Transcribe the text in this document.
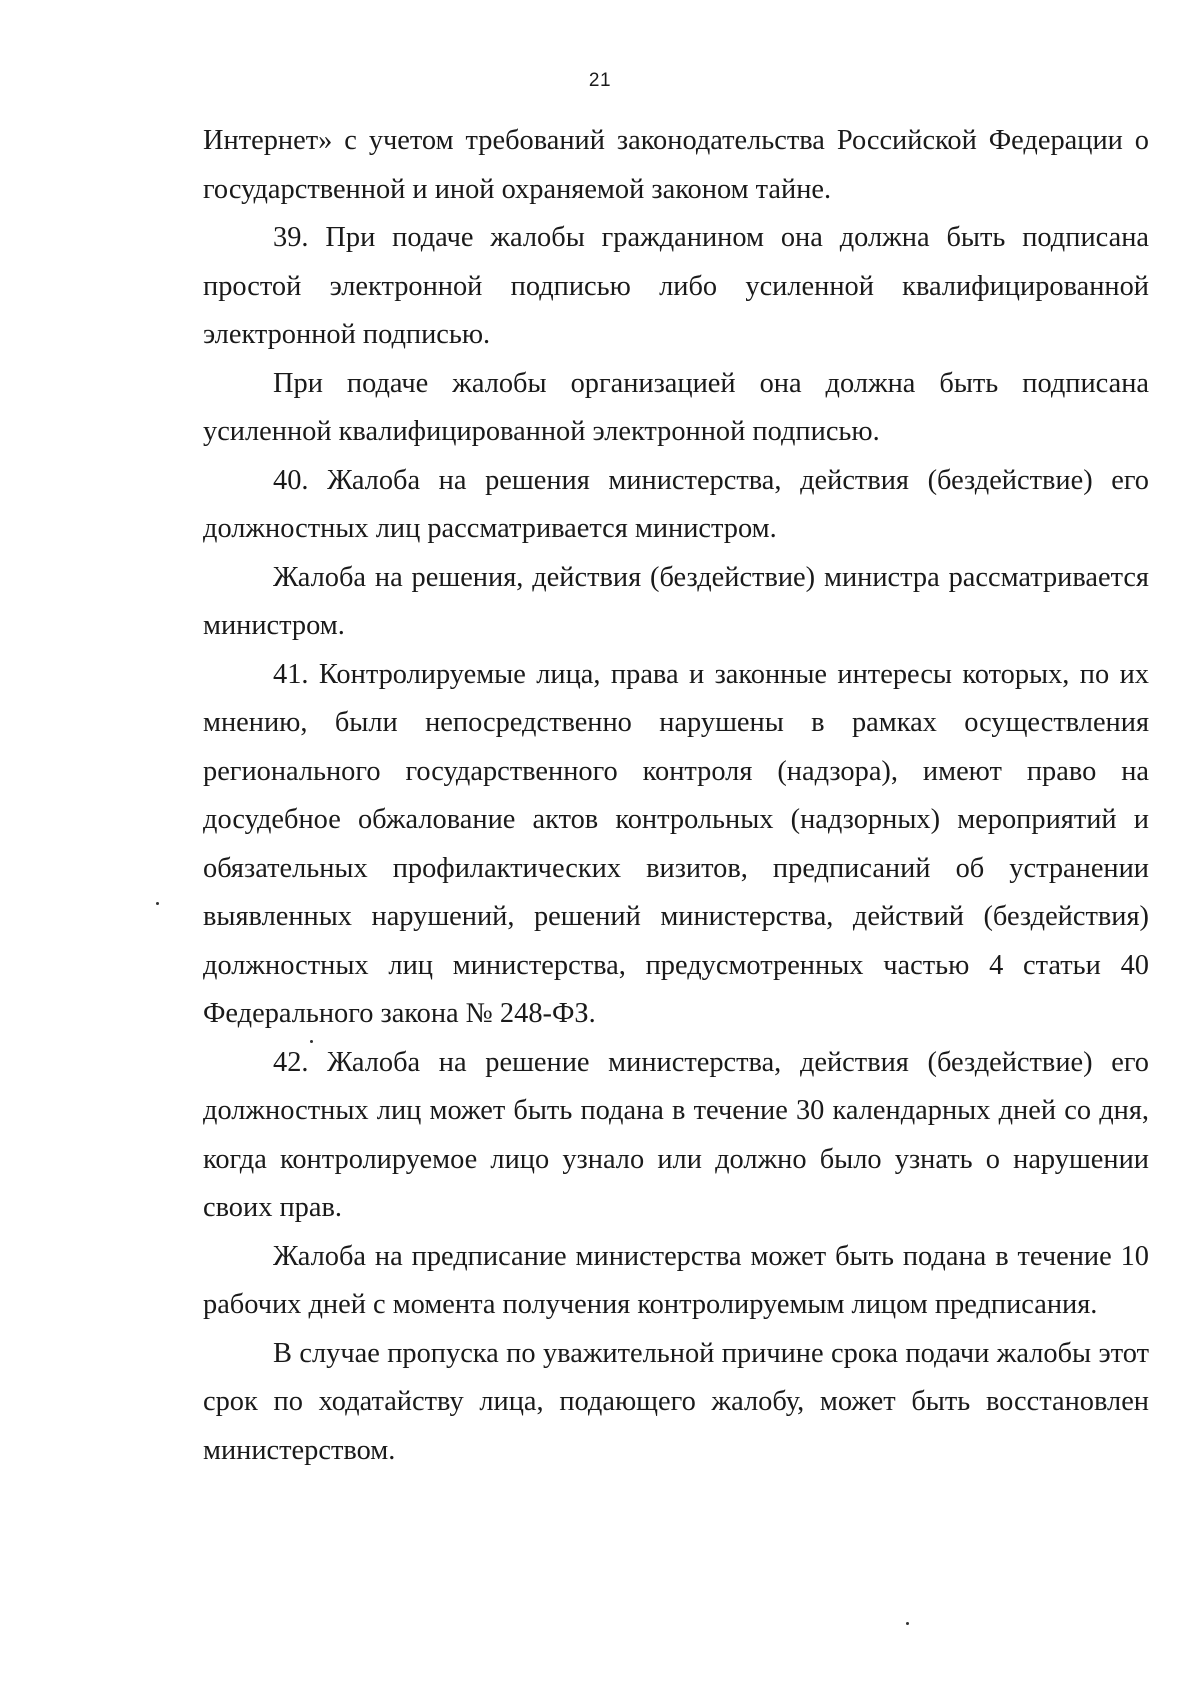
21

Интернет» с учетом требований законодательства Российской Федерации о государственной и иной охраняемой законом тайне.

39. При подаче жалобы гражданином она должна быть подписана простой электронной подписью либо усиленной квалифицированной электронной подписью.

При подаче жалобы организацией она должна быть подписана усиленной квалифицированной электронной подписью.

40. Жалоба на решения министерства, действия (бездействие) его должностных лиц рассматривается министром.

Жалоба на решения, действия (бездействие) министра рассматривается министром.

41. Контролируемые лица, права и законные интересы которых, по их мнению, были непосредственно нарушены в рамках осуществления регионального государственного контроля (надзора), имеют право на досудебное обжалование актов контрольных (надзорных) мероприятий и обязательных профилактических визитов, предписаний об устранении выявленных нарушений, решений министерства, действий (бездействия) должностных лиц министерства, предусмотренных частью 4 статьи 40 Федерального закона № 248-ФЗ.

42. Жалоба на решение министерства, действия (бездействие) его должностных лиц может быть подана в течение 30 календарных дней со дня, когда контролируемое лицо узнало или должно было узнать о нарушении своих прав.

Жалоба на предписание министерства может быть подана в течение 10 рабочих дней с момента получения контролируемым лицом предписания.

В случае пропуска по уважительной причине срока подачи жалобы этот срок по ходатайству лица, подающего жалобу, может быть восстановлен министерством.
